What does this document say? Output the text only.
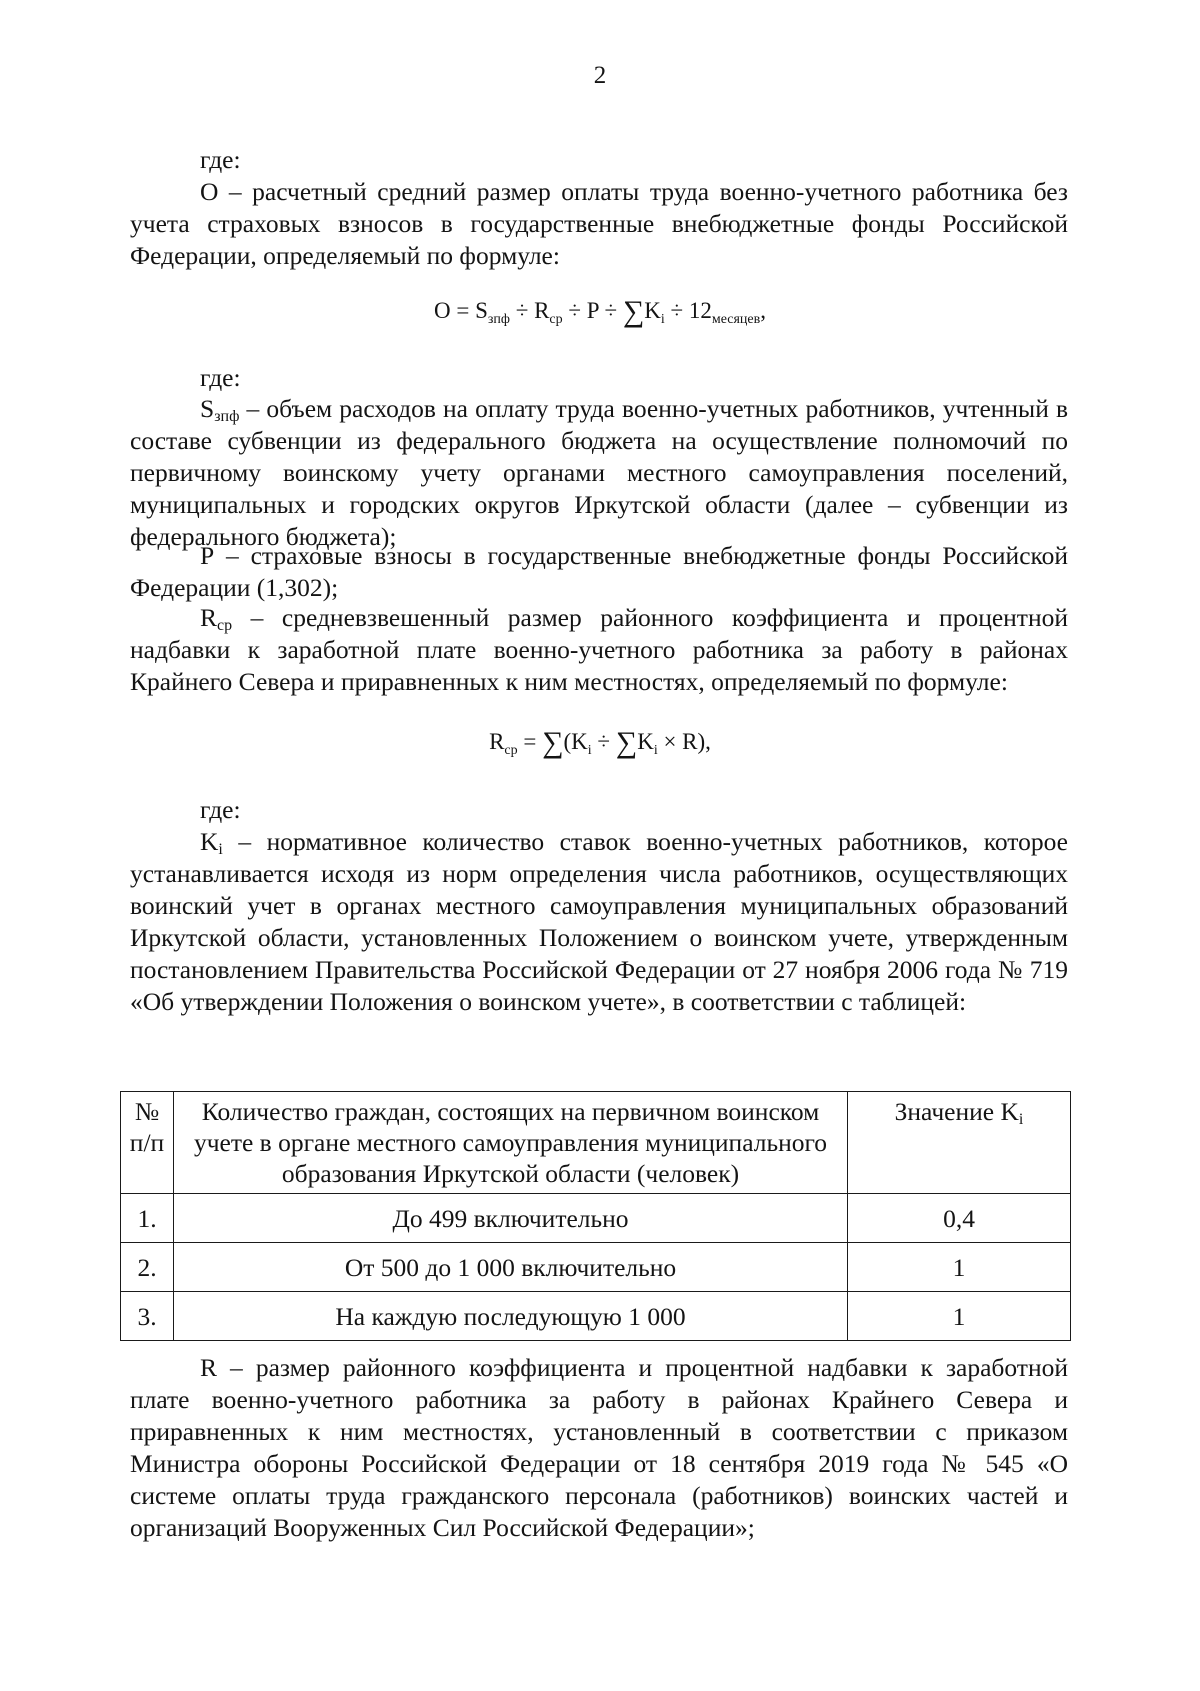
2

где:

О – расчетный средний размер оплаты труда военно-учетного работника без учета страховых взносов в государственные внебюджетные фонды Российской Федерации, определяемый по формуле:

$O = S_{зпф} \div R_{ср} \div P \div \sum K_i \div 12_{месяцев}$,

где:

$S_{зпф}$ – объем расходов на оплату труда военно-учетных работников, учтенный в составе субвенции из федерального бюджета на осуществление полномочий по первичному воинскому учету органами местного самоуправления поселений, муниципальных и городских округов Иркутской области (далее – субвенции из федерального бюджета);

Р – страховые взносы в государственные внебюджетные фонды Российской Федерации (1,302);

$R_{ср}$ – средневзвешенный размер районного коэффициента и процентной надбавки к заработной плате военно-учетного работника за работу в районах Крайнего Севера и приравненных к ним местностях, определяемый по формуле:

$R_{ср} = \sum(K_i \div \sum K_i \times R)$,

где:

$K_i$ – нормативное количество ставок военно-учетных работников, которое устанавливается исходя из норм определения числа работников, осуществляющих воинский учет в органах местного самоуправления муниципальных образований Иркутской области, установленных Положением о воинском учете, утвержденным постановлением Правительства Российской Федерации от 27 ноября 2006 года № 719 «Об утверждении Положения о воинском учете», в соответствии с таблицей:

№ п/п	Количество граждан, состоящих на первичном воинском учете в органе местного самоуправления муниципального образования Иркутской области (человек)	Значение $K_i$
1.	До 499 включительно	0,4
2.	От 500 до 1 000 включительно	1
3.	На каждую последующую 1 000	1

R – размер районного коэффициента и процентной надбавки к заработной плате военно-учетного работника за работу в районах Крайнего Севера и приравненных к ним местностях, установленный в соответствии с приказом Министра обороны Российской Федерации от 18 сентября 2019 года № 545 «О системе оплаты труда гражданского персонала (работников) воинских частей и организаций Вооруженных Сил Российской Федерации»;
